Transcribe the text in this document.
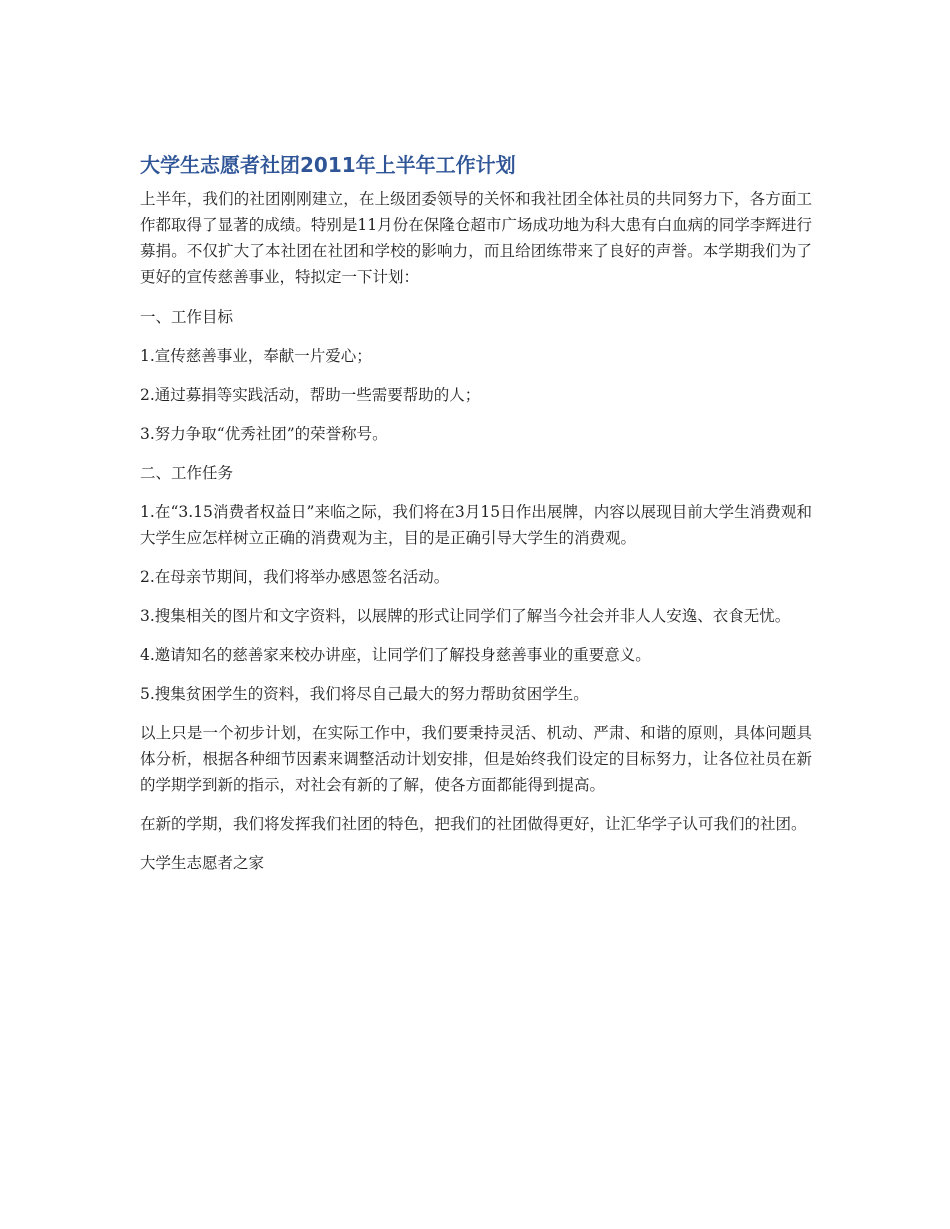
大学生志愿者社团2011年上半年工作计划

上半年，我们的社团刚刚建立，在上级团委领导的关怀和我社团全体社员的共同努力下，各方面工作都取得了显著的成绩。特别是11月份在保隆仓超市广场成功地为科大患有白血病的同学李辉进行募捐。不仅扩大了本社团在社团和学校的影响力，而且给团练带来了良好的声誉。本学期我们为了更好的宣传慈善事业，特拟定一下计划：

一、工作目标

1.宣传慈善事业，奉献一片爱心；

2.通过募捐等实践活动，帮助一些需要帮助的人；

3.努力争取“优秀社团”的荣誉称号。

二、工作任务

1.在“3.15消费者权益日”来临之际，我们将在3月15日作出展牌，内容以展现目前大学生消费观和大学生应怎样树立正确的消费观为主，目的是正确引导大学生的消费观。

2.在母亲节期间，我们将举办感恩签名活动。

3.搜集相关的图片和文字资料，以展牌的形式让同学们了解当今社会并非人人安逸、衣食无忧。

4.邀请知名的慈善家来校办讲座，让同学们了解投身慈善事业的重要意义。

5.搜集贫困学生的资料，我们将尽自己最大的努力帮助贫困学生。

以上只是一个初步计划，在实际工作中，我们要秉持灵活、机动、严肃、和谐的原则，具体问题具体分析，根据各种细节因素来调整活动计划安排，但是始终我们设定的目标努力，让各位社员在新的学期学到新的指示，对社会有新的了解，使各方面都能得到提高。

在新的学期，我们将发挥我们社团的特色，把我们的社团做得更好，让汇华学子认可我们的社团。

大学生志愿者之家
